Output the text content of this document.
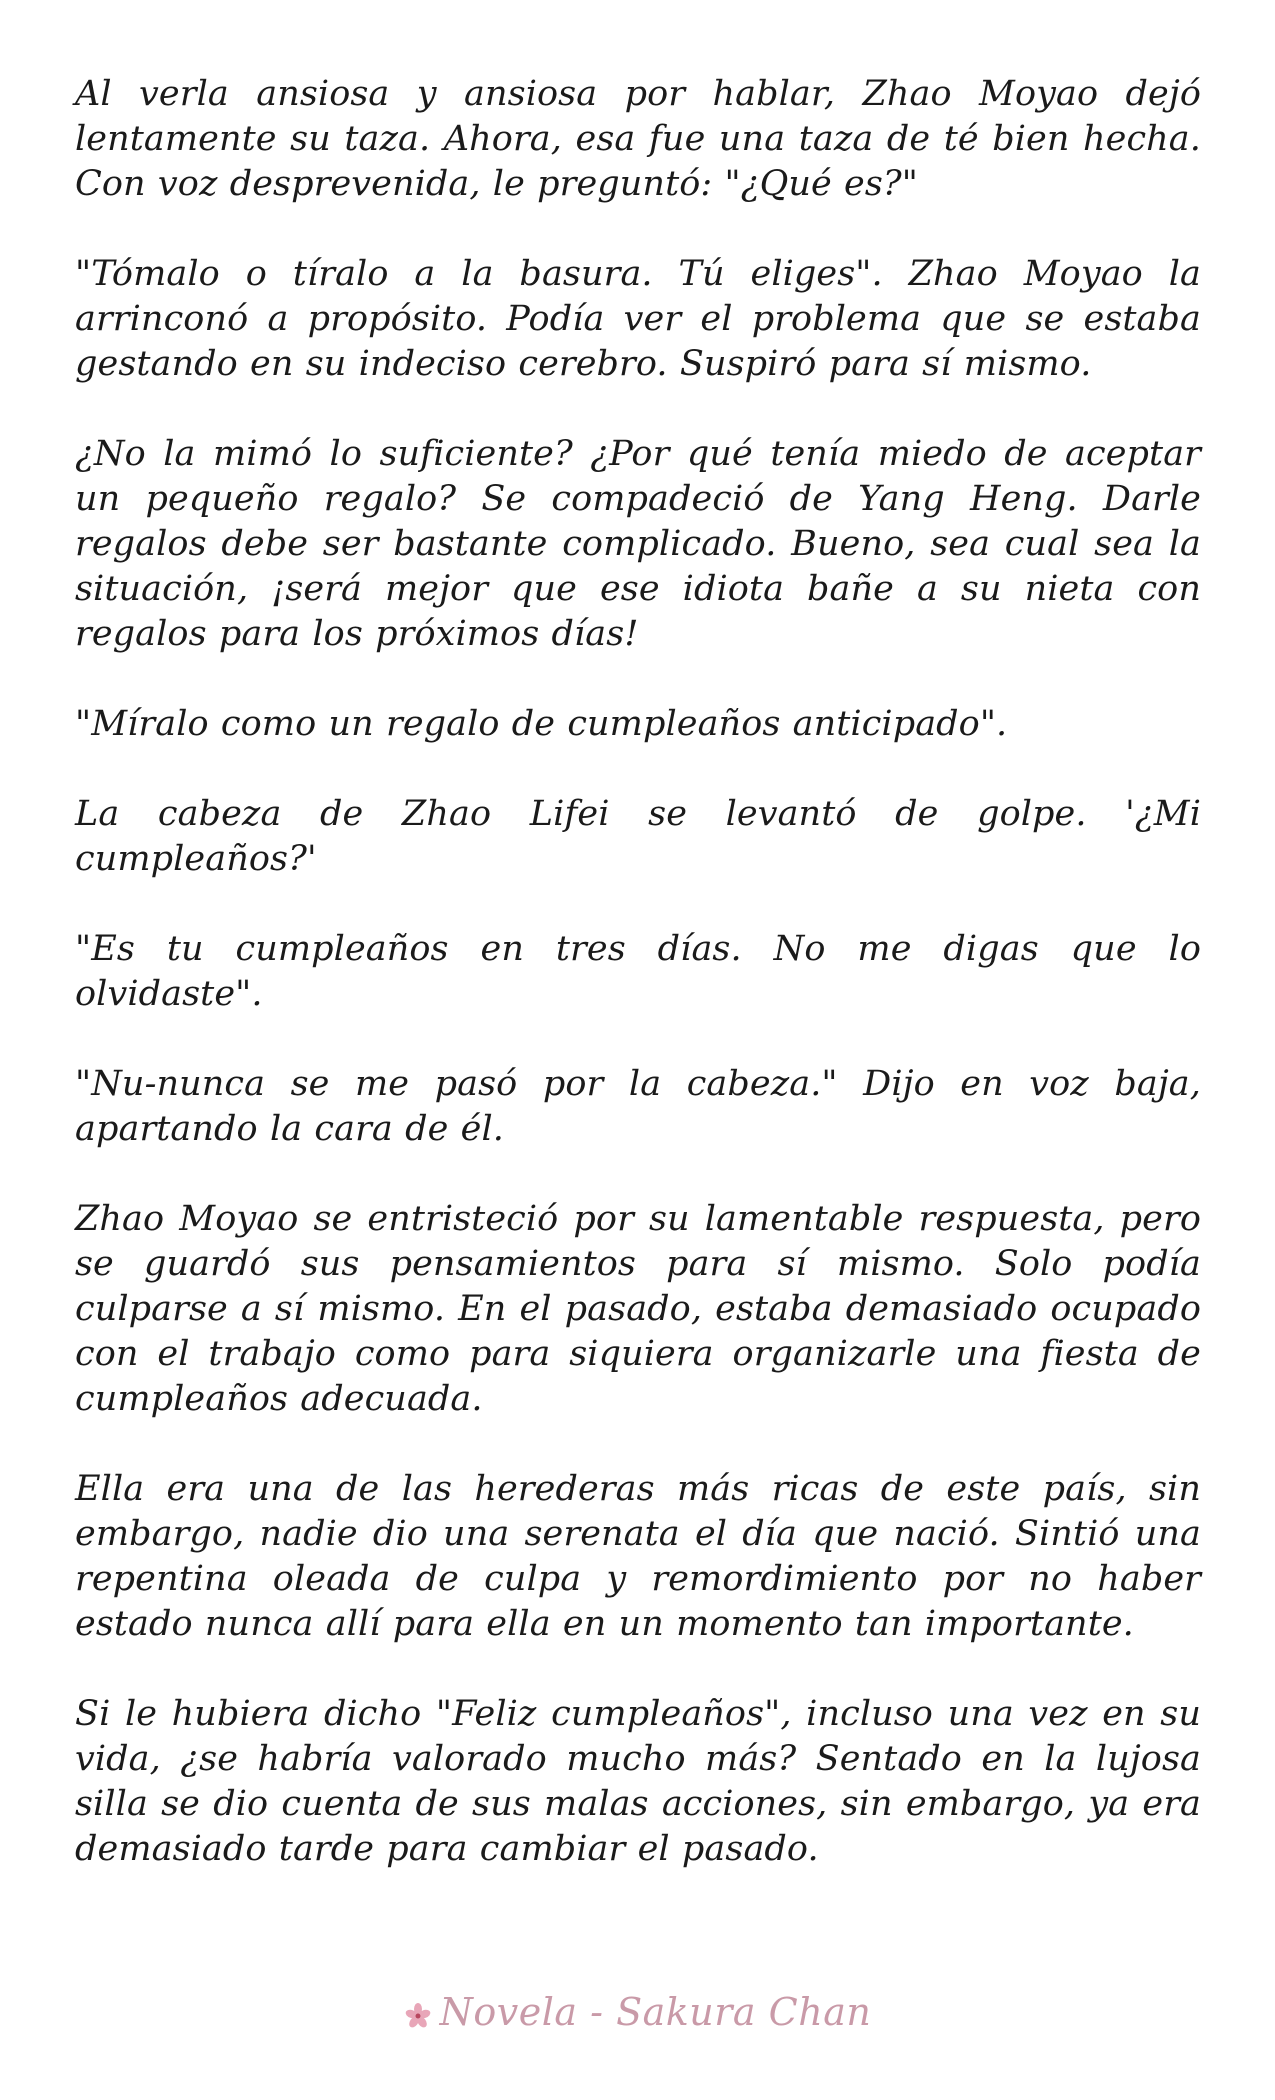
Al verla ansiosa y ansiosa por hablar, Zhao Moyao dejó lentamente su taza. Ahora, esa fue una taza de té bien hecha. Con voz desprevenida, le preguntó: "¿Qué es?"

"Tómalo o tíralo a la basura. Tú eliges". Zhao Moyao la arrinconó a propósito. Podía ver el problema que se estaba gestando en su indeciso cerebro. Suspiró para sí mismo.

¿No la mimó lo suficiente? ¿Por qué tenía miedo de aceptar un pequeño regalo? Se compadeció de Yang Heng. Darle regalos debe ser bastante complicado. Bueno, sea cual sea la situación, ¡será mejor que ese idiota bañe a su nieta con regalos para los próximos días!

"Míralo como un regalo de cumpleaños anticipado".

La cabeza de Zhao Lifei se levantó de golpe. '¿Mi cumpleaños?'

"Es tu cumpleaños en tres días. No me digas que lo olvidaste".

"Nu-nunca se me pasó por la cabeza." Dijo en voz baja, apartando la cara de él.

Zhao Moyao se entristeció por su lamentable respuesta, pero se guardó sus pensamientos para sí mismo. Solo podía culparse a sí mismo. En el pasado, estaba demasiado ocupado con el trabajo como para siquiera organizarle una fiesta de cumpleaños adecuada.

Ella era una de las herederas más ricas de este país, sin embargo, nadie dio una serenata el día que nació. Sintió una repentina oleada de culpa y remordimiento por no haber estado nunca allí para ella en un momento tan importante.

Si le hubiera dicho "Feliz cumpleaños", incluso una vez en su vida, ¿se habría valorado mucho más? Sentado en la lujosa silla se dio cuenta de sus malas acciones, sin embargo, ya era demasiado tarde para cambiar el pasado.

Novela - Sakura Chan
